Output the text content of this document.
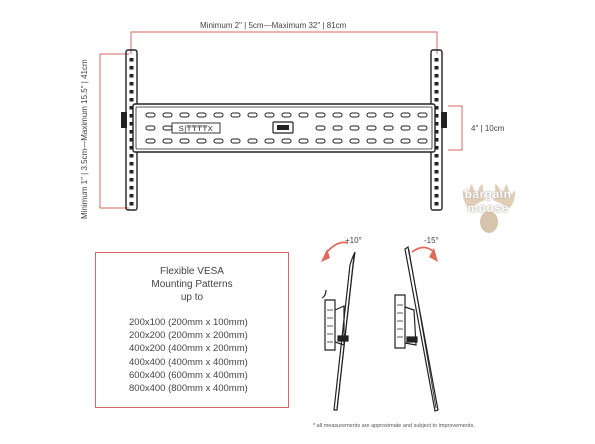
S|₸₸₸₸X
Minimum 2" | 5cm—Maximum 32" | 81cm
Minimum 1" | 3.5cm—Maximum 15.5" | 41cm	4" | 10cm
bargain
moose
+10°	-15°
Flexible VESA
Mounting Patterns
up to
200x100 (200mm x 100mm)
200x200 (200mm x 200mm)
400x200 (400mm x 200mm)
400x400 (400mm x 400mm)
600x400 (600mm x 400mm)
800x400 (800mm x 400mm)
* all measurements are approximate and subject to improvements.
